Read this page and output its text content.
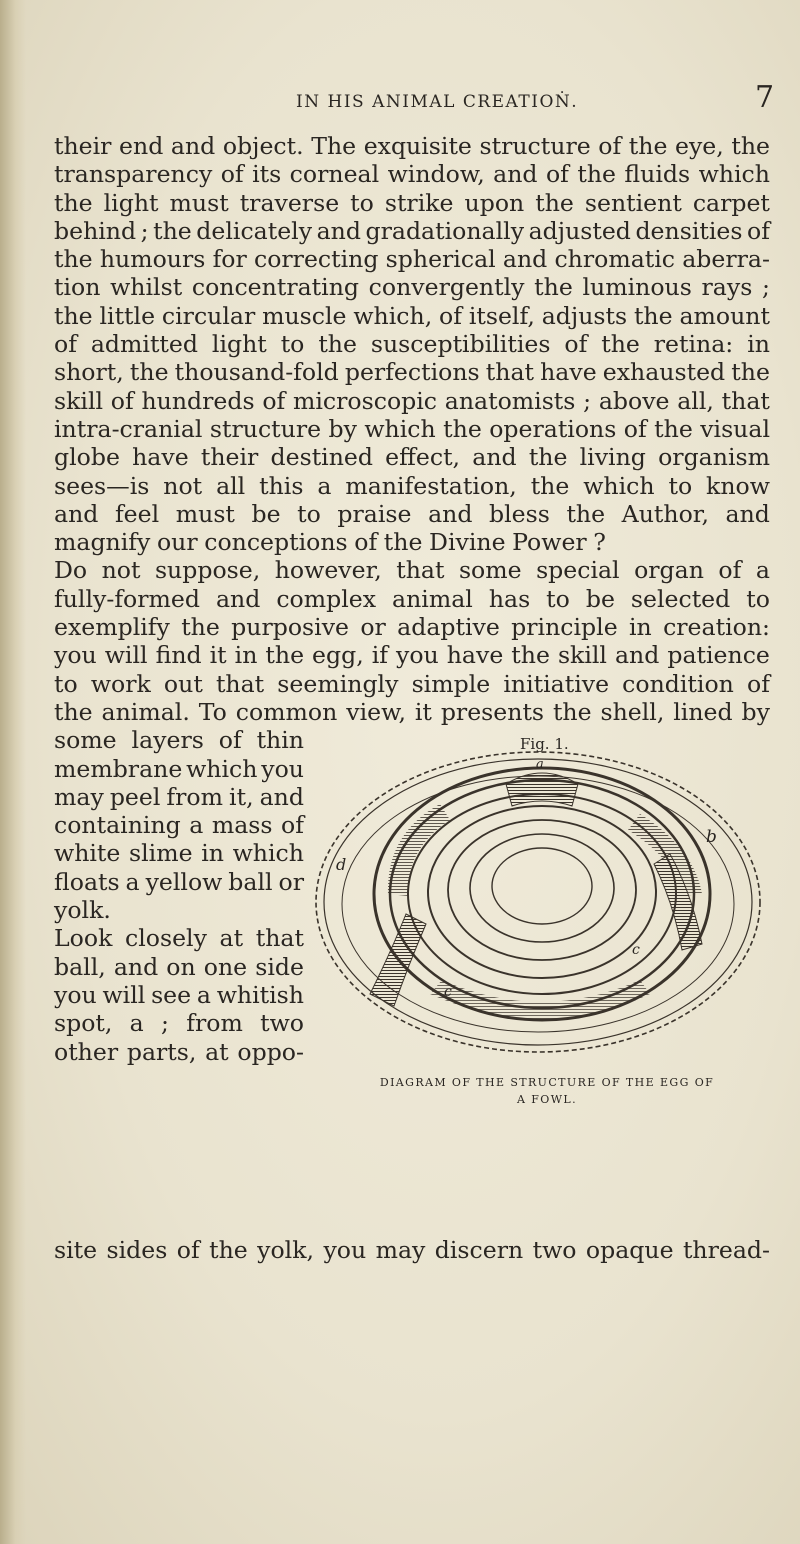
IN HIS ANIMAL CREATIOṄ.	7
their end and object. The exquisite structure of the eye, the
transparency of its corneal window, and of the fluids which
the light must traverse to strike upon the sentient carpet
behind ; the delicately and gradationally adjusted densities of
the humours for correcting spherical and chromatic aberra-
tion whilst concentrating convergently the luminous rays ;
the little circular muscle which, of itself, adjusts the amount
of admitted light to the susceptibilities of the retina: in
short, the thousand-fold perfections that have exhausted the
skill of hundreds of microscopic anatomists ; above all, that
intra-cranial structure by which the operations of the visual
globe have their destined effect, and the living organism
sees—is not all this a manifestation, the which to know
and feel must be to praise and bless the Author, and
magnify our conceptions of the Divine Power ?
Do not suppose, however, that some special organ of a
fully-formed and complex animal has to be selected to
exemplify the purposive or adaptive principle in creation:
you will find it in the egg, if you have the skill and patience
to work out that seemingly simple initiative condition of
the animal. To common view, it presents the shell, lined by
some layers of thin
membrane which you
may peel from it, and
containing a mass of
white slime in which
floats a yellow ball or
yolk.
Look closely at that
ball, and on one side
you will see a whitish
spot, a ; from two
other parts, at oppo-
Fig. 1.
a
b
c
c
d
DIAGRAM OF THE STRUCTURE OF THE EGG OF
A FOWL.
site sides of the yolk, you may discern two opaque thread-
